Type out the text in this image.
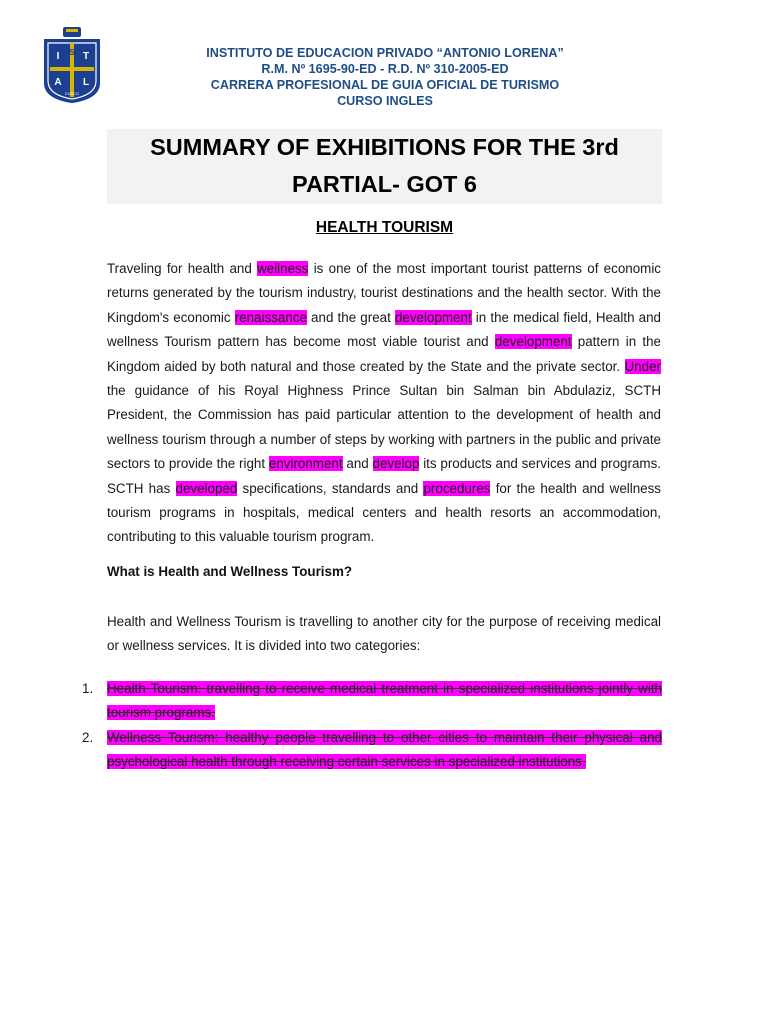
I T
A L
S
CUSCO
INSTITUTO DE EDUCACION PRIVADO “ANTONIO LORENA”
R.M. Nº 1695-90-ED - R.D. Nº 310-2005-ED
CARRERA PROFESIONAL DE GUIA OFICIAL DE TURISMO
CURSO INGLES
SUMMARY OF EXHIBITIONS FOR THE 3rd
PARTIAL- GOT 6
HEALTH TOURISM
Traveling for health and wellness is one of the most important tourist patterns of economic returns generated by the tourism industry, tourist destinations and the health sector. With the Kingdom's economic renaissance and the great development in the medical field, Health and wellness Tourism pattern has become most viable tourist and development pattern in the Kingdom aided by both natural and those created by the State and the private sector. Under the guidance of his Royal Highness Prince Sultan bin Salman bin Abdulaziz, SCTH President, the Commission has paid particular attention to the development of health and wellness tourism through a number of steps by working with partners in the public and private sectors to provide the right environment and develop its products and services and programs. SCTH has developed specifications, standards and procedures for the health and wellness tourism programs in hospitals, medical centers and health resorts an accommodation, contributing to this valuable tourism program.
What is Health and Wellness Tourism?
Health and Wellness Tourism is travelling to another city for the purpose of receiving medical or wellness services. It is divided into two categories:
1.	Health Tourism: travelling to receive medical treatment in specialized institutions jointly with tourism programs.
2.	Wellness Tourism: healthy people travelling to other cities to maintain their physical and psychological health through receiving certain services in specialized institutions.
